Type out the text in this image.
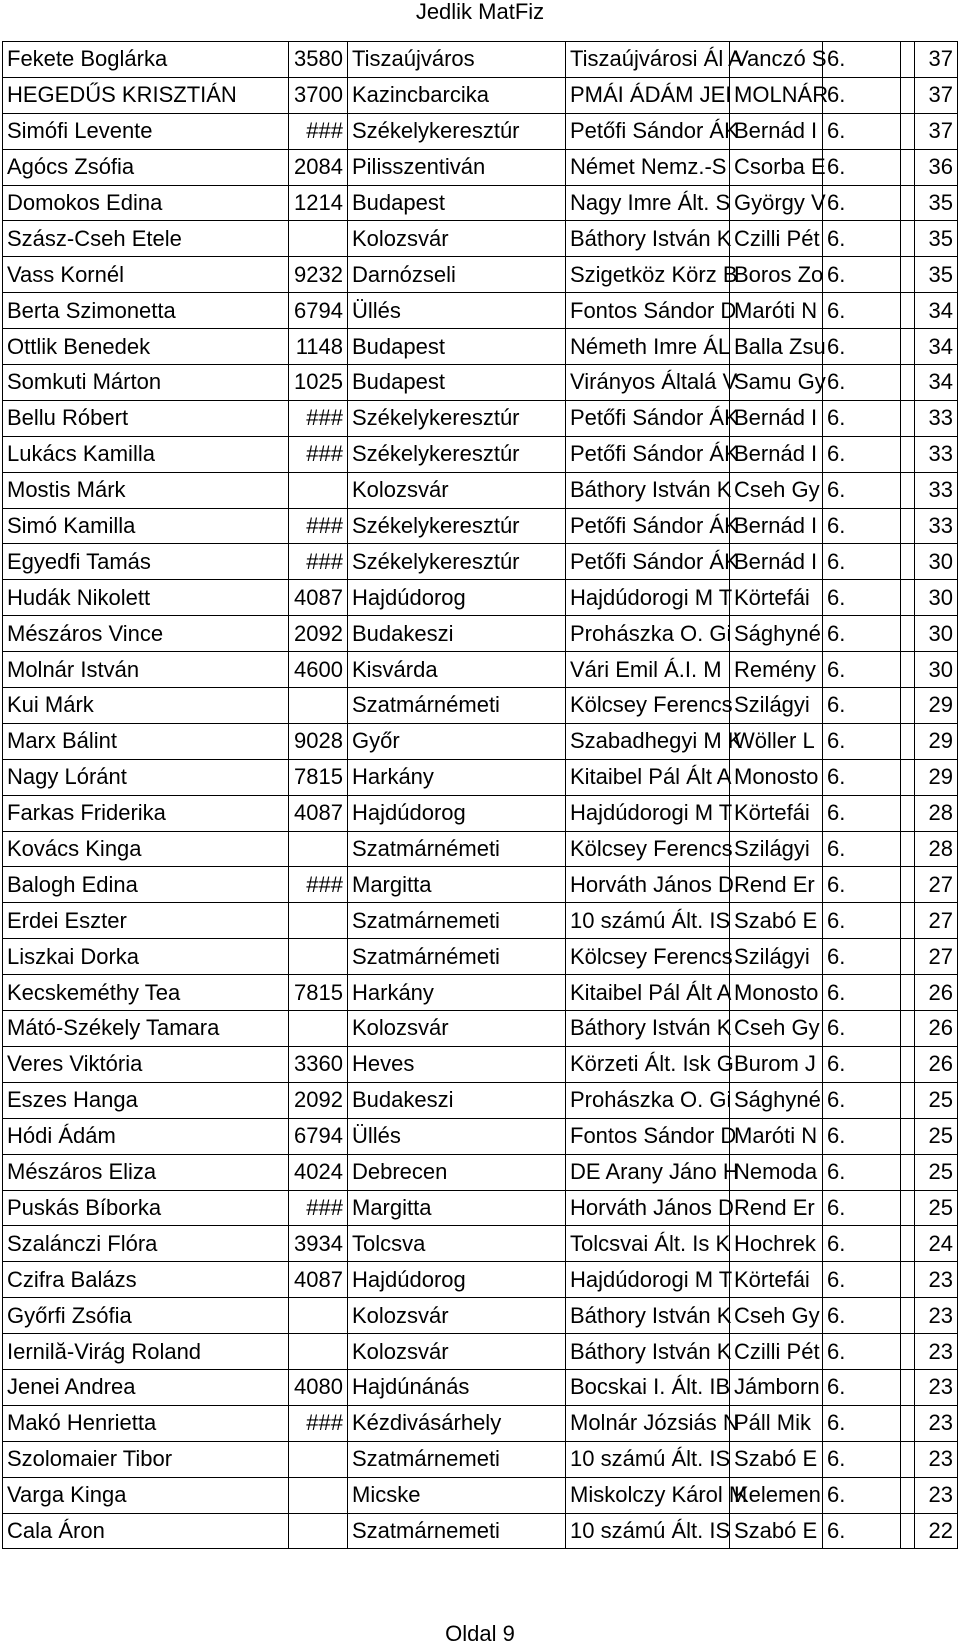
Jedlik MatFiz
Fekete Boglárka	3580	Tiszaújváros	Tiszaújvárosi Ál A	Vanczó S	6.		37
HEGEDŰS KRISZTIÁN	3700	Kazincbarcika	PMÁI ÁDÁM JEI	MOLNÁR	6.		37
Simófi Levente	###	Székelykeresztúr	Petőfi Sándor ÁK	Bernád I	6.		37
Agócs Zsófia	2084	Pilisszentiván	Német Nemz.-S	Csorba E	6.		36
Domokos Edina	1214	Budapest	Nagy Imre Ált. S	György V	6.		35
Szász-Cseh Etele		Kolozsvár	Báthory István K	Czilli Pét	6.		35
Vass Kornél	9232	Darnózseli	Szigetköz Körz B	Boros Zo	6.		35
Berta Szimonetta	6794	Üllés	Fontos Sándor D	Maróti N	6.		34
Ottlik Benedek	1148	Budapest	Németh Imre ÁL	Balla Zsu	6.		34
Somkuti Márton	1025	Budapest	Virányos Általá V	Samu Gy	6.		34
Bellu Róbert	###	Székelykeresztúr	Petőfi Sándor ÁK	Bernád I	6.		33
Lukács Kamilla	###	Székelykeresztúr	Petőfi Sándor ÁK	Bernád I	6.		33
Mostis Márk		Kolozsvár	Báthory István K	Cseh Gy	6.		33
Simó Kamilla	###	Székelykeresztúr	Petőfi Sándor ÁK	Bernád I	6.		33
Egyedfi Tamás	###	Székelykeresztúr	Petőfi Sándor ÁK	Bernád I	6.		30
Hudák Nikolett	4087	Hajdúdorog	Hajdúdorogi M T	Körtefái	6.		30
Mészáros Vince	2092	Budakeszi	Prohászka O. Gi	Sághyné	6.		30
Molnár István	4600	Kisvárda	Vári Emil Á.I. M	Remény	6.		30
Kui Márk		Szatmárnémeti	Kölcsey Ferencs	Szilágyi	6.		29
Marx Bálint	9028	Győr	Szabadhegyi M K	Wöller L	6.		29
Nagy Lóránt	7815	Harkány	Kitaibel Pál Ált A	Monosto	6.		29
Farkas Friderika	4087	Hajdúdorog	Hajdúdorogi M T	Körtefái	6.		28
Kovács Kinga		Szatmárnémeti	Kölcsey Ferencs	Szilágyi	6.		28
Balogh Edina	###	Margitta	Horváth János D	Rend Er	6.		27
Erdei Eszter		Szatmárnemeti	10 számú Ált. IS	Szabó E	6.		27
Liszkai Dorka		Szatmárnémeti	Kölcsey Ferencs	Szilágyi	6.		27
Kecskeméthy Tea	7815	Harkány	Kitaibel Pál Ált A	Monosto	6.		26
Mátó-Székely Tamara		Kolozsvár	Báthory István K	Cseh Gy	6.		26
Veres Viktória	3360	Heves	Körzeti Ált. Isk G	Burom J	6.		26
Eszes Hanga	2092	Budakeszi	Prohászka O. Gi	Sághyné	6.		25
Hódi Ádám	6794	Üllés	Fontos Sándor D	Maróti N	6.		25
Mészáros Eliza	4024	Debrecen	DE Arany Jáno H	Nemoda	6.		25
Puskás Bíborka	###	Margitta	Horváth János D	Rend Er	6.		25
Szalánczi Flóra	3934	Tolcsva	Tolcsvai Ált. Is K	Hochrek	6.		24
Czifra Balázs	4087	Hajdúdorog	Hajdúdorogi M T	Körtefái	6.		23
Győrfi Zsófia		Kolozsvár	Báthory István K	Cseh Gy	6.		23
Iernilă-Virág Roland		Kolozsvár	Báthory István K	Czilli Pét	6.		23
Jenei Andrea	4080	Hajdúnánás	Bocskai I. Ált. IB	Jámborn	6.		23
Makó Henrietta	###	Kézdivásárhely	Molnár Józsiás N	Páll Mik	6.		23
Szolomaier Tibor		Szatmárnemeti	10 számú Ált. IS	Szabó E	6.		23
Varga Kinga		Micske	Miskolczy Károl M	Kelemen	6.		23
Cala Áron		Szatmárnemeti	10 számú Ált. IS	Szabó E	6.		22
Oldal 9
